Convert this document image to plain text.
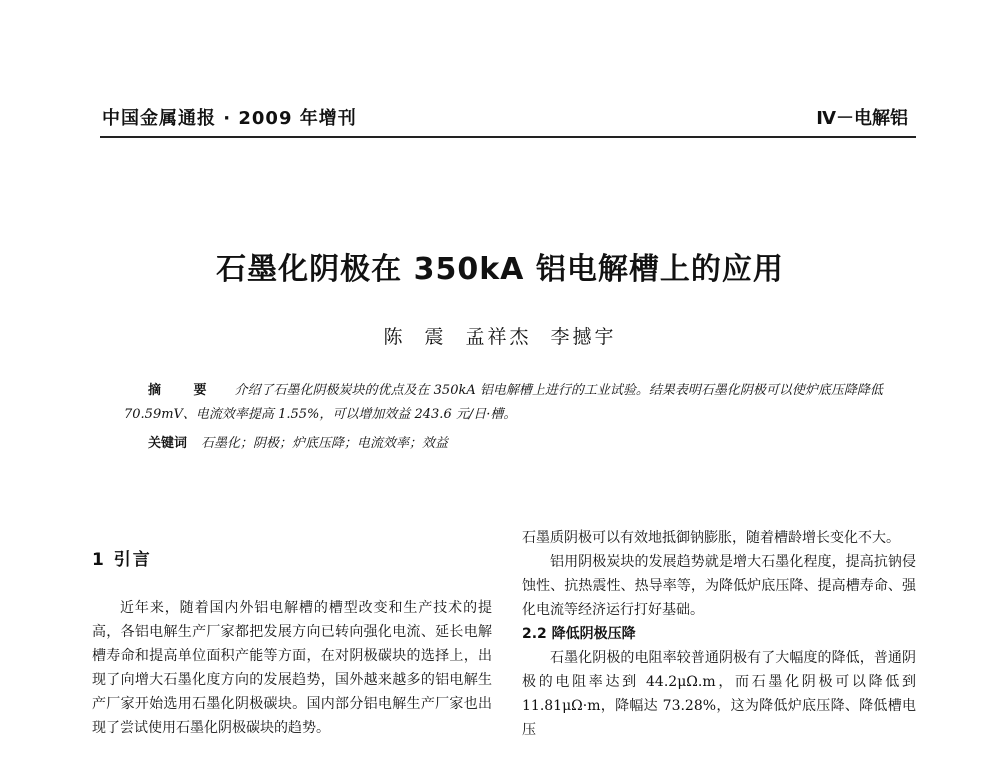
中国金属通报 · 2009 年增刊	Ⅳ－电解铝
石墨化阴极在 350kA 铝电解槽上的应用
陈 震 孟祥杰 李撼宇
摘 要 介绍了石墨化阴极炭块的优点及在 350kA 铝电解槽上进行的工业试验。结果表明石墨化阴极可以使炉底压降降低 70.59mV、电流效率提高 1.55%，可以增加效益 243.6 元/日·槽。
关键词 石墨化；阴极；炉底压降；电流效率；效益
1 引言

近年来，随着国内外铝电解槽的槽型改变和生产技术的提高，各铝电解生产厂家都把发展方向已转向强化电流、延长电解槽寿命和提高单位面积产能等方面，在对阴极碳块的选择上，出现了向增大石墨化度方向的发展趋势，国外越来越多的铝电解生产厂家开始选用石墨化阴极碳块。国内部分铝电解生产厂家也出现了尝试使用石墨化阴极碳块的趋势。

石墨质阴极可以有效地抵御钠膨胀，随着槽龄增长变化不大。

铝用阴极炭块的发展趋势就是增大石墨化程度，提高抗钠侵蚀性、抗热震性、热导率等，为降低炉底压降、提高槽寿命、强化电流等经济运行打好基础。

2.2 降低阴极压降

石墨化阴极的电阻率较普通阴极有了大幅度的降低，普通阴极的电阻率达到 44.2μΩ.m，而石墨化阴极可以降低到 11.81μΩ·m，降幅达 73.28%，这为降低炉底压降、降低槽电压
